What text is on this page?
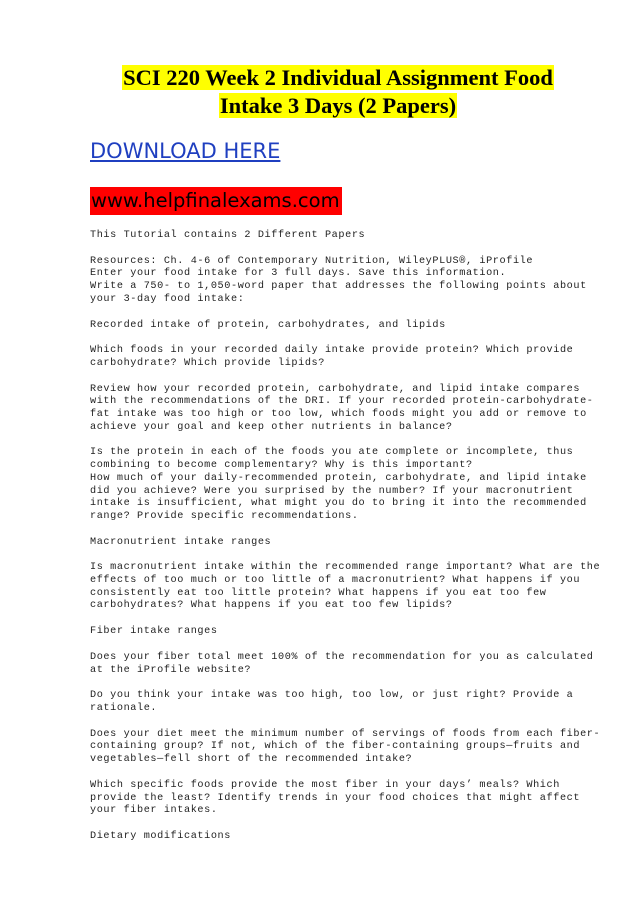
SCI 220 Week 2 Individual Assignment Food
Intake 3 Days (2 Papers)
DOWNLOAD HERE
www.helpfinalexams.com
This Tutorial contains 2 Different Papers
Resources: Ch. 4-6 of Contemporary Nutrition, WileyPLUS®, iProfile
Enter your food intake for 3 full days. Save this information.
Write a 750- to 1,050-word paper that addresses the following points about
your 3-day food intake:
Recorded intake of protein, carbohydrates, and lipids
Which foods in your recorded daily intake provide protein? Which provide
carbohydrate? Which provide lipids?
Review how your recorded protein, carbohydrate, and lipid intake compares
with the recommendations of the DRI. If your recorded protein-carbohydrate-
fat intake was too high or too low, which foods might you add or remove to
achieve your goal and keep other nutrients in balance?
Is the protein in each of the foods you ate complete or incomplete, thus
combining to become complementary? Why is this important?
How much of your daily-recommended protein, carbohydrate, and lipid intake
did you achieve? Were you surprised by the number? If your macronutrient
intake is insufficient, what might you do to bring it into the recommended
range? Provide specific recommendations.
Macronutrient intake ranges
Is macronutrient intake within the recommended range important? What are the
effects of too much or too little of a macronutrient? What happens if you
consistently eat too little protein? What happens if you eat too few
carbohydrates? What happens if you eat too few lipids?
Fiber intake ranges
Does your fiber total meet 100% of the recommendation for you as calculated
at the iProfile website?
Do you think your intake was too high, too low, or just right? Provide a
rationale.
Does your diet meet the minimum number of servings of foods from each fiber-
containing group? If not, which of the fiber-containing groups—fruits and
vegetables—fell short of the recommended intake?
Which specific foods provide the most fiber in your days’ meals? Which
provide the least? Identify trends in your food choices that might affect
your fiber intakes.
Dietary modifications
